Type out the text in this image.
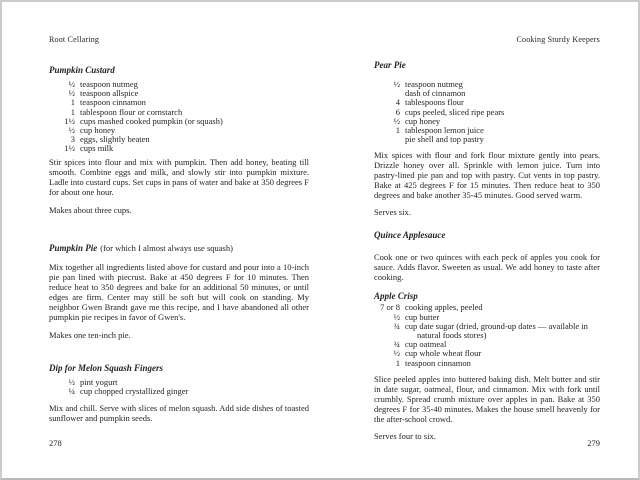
Root Cellaring
Pumpkin Custard
½ teaspoon nutmeg
½ teaspoon allspice
1 teaspoon cinnamon
1 tablespoon flour or cornstarch
1½ cups mashed cooked pumpkin (or squash)
½ cup honey
3 eggs, slightly beaten
1½ cups milk

Stir spices into flour and mix with pumpkin. Then add honey, beating till smooth. Combine eggs and milk, and slowly stir into pumpkin mixture. Ladle into custard cups. Set cups in pans of water and bake at 350 degrees F for about one hour.

Makes about three cups.

Pumpkin Pie (for which I almost always use squash)

Mix together all ingredients listed above for custard and pour into a 10-inch pie pan lined with piecrust. Bake at 450 degrees F for 10 minutes. Then reduce heat to 350 degrees and bake for an additional 50 minutes, or until edges are firm. Center may still be soft but will cook on standing. My neighbor Gwen Brandt gave me this recipe, and I have abandoned all other pumpkin pie recipes in favor of Gwen's.

Makes one ten-inch pie.

Dip for Melon Squash Fingers
½ pint yogurt
¼ cup chopped crystallized ginger

Mix and chill. Serve with slices of melon squash. Add side dishes of toasted sunflower and pumpkin seeds.

278
Cooking Sturdy Keepers
Pear Pie
½ teaspoon nutmeg
dash of cinnamon
4 tablespoons flour
6 cups peeled, sliced ripe pears
½ cup honey
1 tablespoon lemon juice
pie shell and top pastry

Mix spices with flour and fork flour mixture gently into pears. Drizzle honey over all. Sprinkle with lemon juice. Turn into pastry-lined pie pan and top with pastry. Cut vents in top pastry. Bake at 425 degrees F for 15 minutes. Then reduce heat to 350 degrees and bake another 35-45 minutes. Good served warm.

Serves six.

Quince Applesauce

Cook one or two quinces with each peck of apples you cook for sauce. Adds flavor. Sweeten as usual. We add honey to taste after cooking.

Apple Crisp
7 or 8 cooking apples, peeled
½ cup butter
¾ cup date sugar (dried, ground-up dates — available in natural foods stores)
¾ cup oatmeal
½ cup whole wheat flour
1 teaspoon cinnamon

Slice peeled apples into buttered baking dish. Melt butter and stir in date sugar, oatmeal, flour, and cinnamon. Mix with fork until crumbly. Spread crumb mixture over apples in pan. Bake at 350 degrees F for 35-40 minutes. Makes the house smell heavenly for the after-school crowd.

Serves four to six.

279
